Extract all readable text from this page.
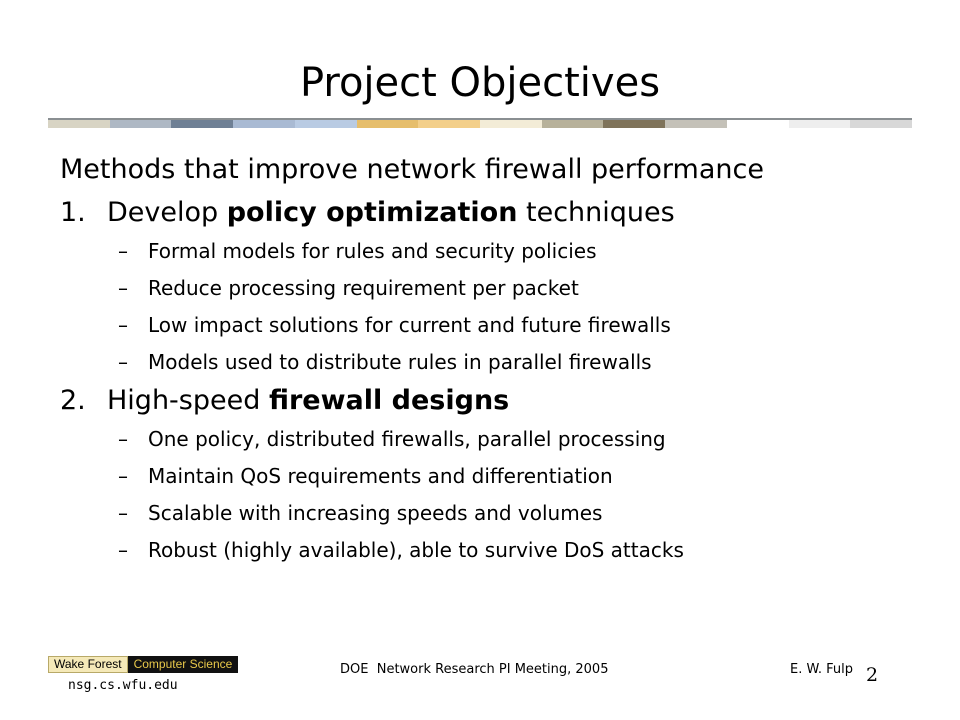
Project Objectives
Methods that improve network firewall performance
1. Develop policy optimization techniques
–	Formal models for rules and security policies
–	Reduce processing requirement per packet
–	Low impact solutions for current and future firewalls
–	Models used to distribute rules in parallel firewalls
2. High-speed firewall designs
–	One policy, distributed firewalls, parallel processing
–	Maintain QoS requirements and differentiation
–	Scalable with increasing speeds and volumes
–	Robust (highly available), able to survive DoS attacks
Wake Forest	Computer Science
nsg.cs.wfu.edu
DOE  Network Research PI Meeting, 2005	E. W. Fulp 2
